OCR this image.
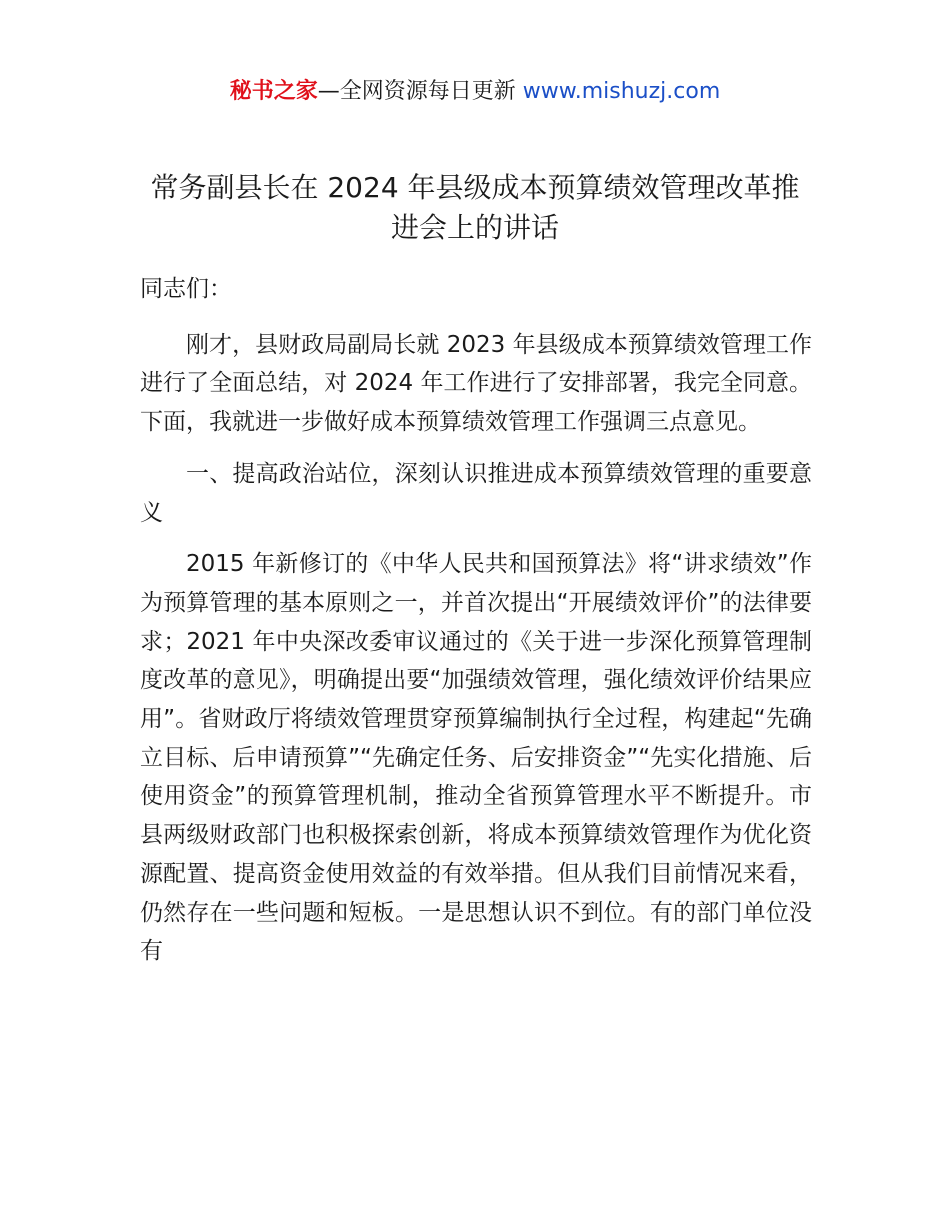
秘书之家—全网资源每日更新 www.mishuzj.com
常务副县长在 2024 年县级成本预算绩效管理改革推进会上的讲话

同志们：

刚才，县财政局副局长就 2023 年县级成本预算绩效管理工作进行了全面总结，对 2024 年工作进行了安排部署，我完全同意。下面，我就进一步做好成本预算绩效管理工作强调三点意见。

一、提高政治站位，深刻认识推进成本预算绩效管理的重要意义

2015 年新修订的《中华人民共和国预算法》将“讲求绩效”作为预算管理的基本原则之一，并首次提出“开展绩效评价”的法律要求；2021 年中央深改委审议通过的《关于进一步深化预算管理制度改革的意见》，明确提出要“加强绩效管理，强化绩效评价结果应用”。省财政厅将绩效管理贯穿预算编制执行全过程，构建起“先确立目标、后申请预算”“先确定任务、后安排资金”“先实化措施、后使用资金”的预算管理机制，推动全省预算管理水平不断提升。市县两级财政部门也积极探索创新，将成本预算绩效管理作为优化资源配置、提高资金使用效益的有效举措。但从我们目前情况来看，仍然存在一些问题和短板。一是思想认识不到位。有的部门单位没有
